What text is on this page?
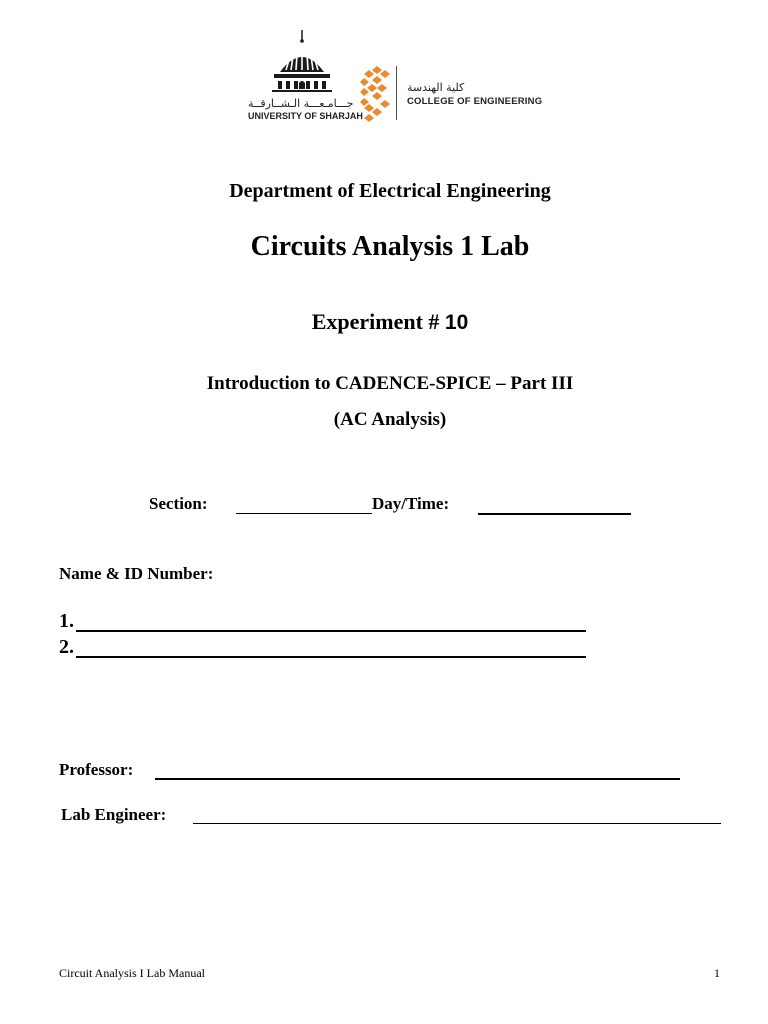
جـــامـعـــة الـشــارقــة
UNIVERSITY OF SHARJAH
كلية الهندسة
COLLEGE OF ENGINEERING
Department of Electrical Engineering
Circuits Analysis 1 Lab
Experiment # 10
Introduction to CADENCE-SPICE – Part III
(AC Analysis)
Section:	Day/Time:
Name & ID Number:
1.
2.
Professor:
Lab Engineer:
Circuit Analysis I Lab Manual	1
